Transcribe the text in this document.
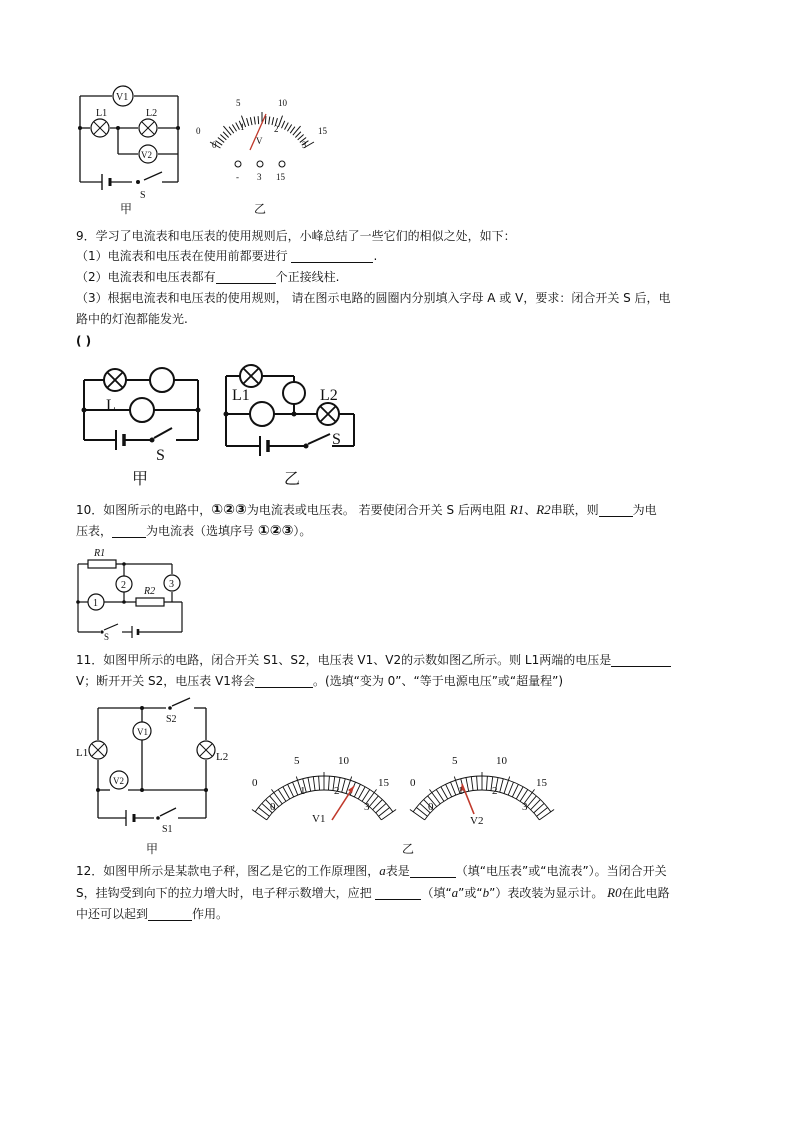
V1
V2
L1	L2
S
甲
5	10
0	15
0
1	2
3
V
- 3 15
乙
9．学习了电流表和电压表的使用规则后，小峰总结了一些它们的相似之处，如下：
（1）电流表和电压表在使用前都要进行	.
（2）电流表和电压表都有	个正接线柱.
（3）根据电流表和电压表的使用规则， 请在图示电路的圆圈内分别填入字母 A 或 V，要求：闭合开关 S 后，电
路中的灯泡都能发光.
( )
L
S
甲
L1	L2
S
乙
10．如图所示的电路中，①②③为电流表或电压表。 若要使闭合开关 S 后两电阻 R1、R2串联，则	为电
压表，	为电流表（选填序号 ①②③）。
1
2	3
R1
R2
S
11．如图甲所示的电路，闭合开关 S1、S2，电压表 V1、V2的示数如图乙所示。则 L1两端的电压是
V；断开开关 S2，电压表 V1将会	。(选填“变为 0”、“等于电源电压”或“超量程”)
V1
V2
L1	L2
S1
S2
甲
5	10
0	15
0
1	2
3
V1
5	10
0	15
0
1	2
3
V2
乙
12．如图甲所示是某款电子秤，图乙是它的工作原理图，a表是	（填“电压表”或“电流表”）。当闭合开关
S，挂钩受到向下的拉力增大时，电子秤示数增大，应把	（填“a”或“b”）表改装为显示计。 R0在此电路
中还可以起到	作用。
